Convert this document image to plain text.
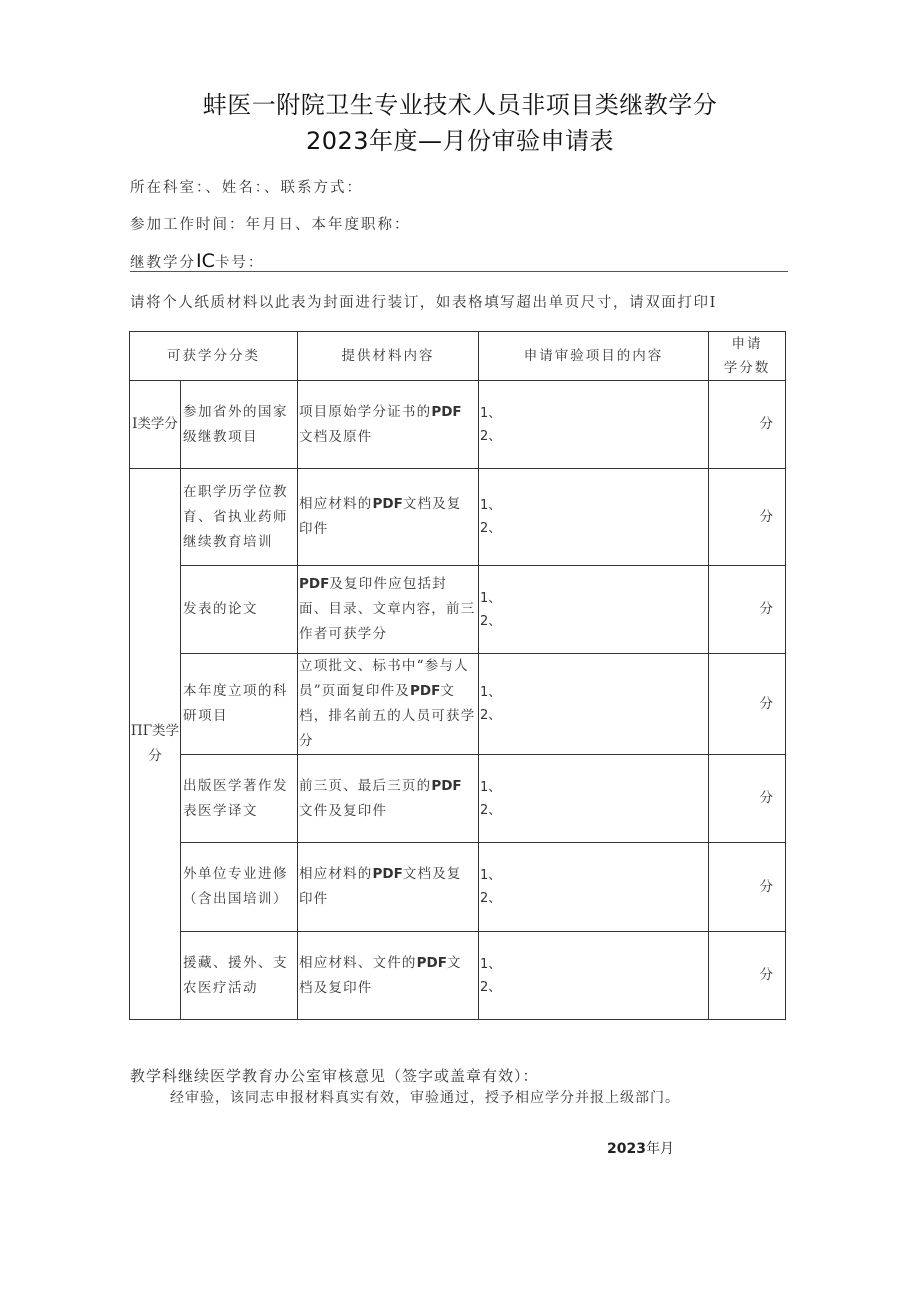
蚌医一附院卫生专业技术人员非项目类继教学分
2023年度—月份审验申请表
所在科室：、姓名：、联系方式：
参加工作时间：年月日、本年度职称：
继教学分IC卡号：
请将个人纸质材料以此表为封面进行装订，如表格填写超出单页尺寸，请双面打印Ⅰ
可获学分分类		提供材料内容	申请审验项目的内容	申请
学分数

Ⅰ类学分	参加省外的国家级继教项目	项目原始学分证书的PDF文档及原件	1、
2、	分
ΠΓ类学分	在职学历学位教育、省执业药师继续教育培训	相应材料的PDF文档及复印件	1、
2、	分
	发表的论文	PDF及复印件应包括封面、目录、文章内容，前三作者可获学分	1、
2、	分
	本年度立项的科研项目	立项批文、标书中“参与人员”页面复印件及PDF文档，排名前五的人员可获学分	1、
2、	分
	出版医学著作发表医学译文	前三页、最后三页的PDF文件及复印件	1、
2、	分
	外单位专业进修（含出国培训）	相应材料的PDF文档及复印件	1、
2、	分
	援藏、援外、支农医疗活动	相应材料、文件的PDF文档及复印件	1、
2、	分
教学科继续医学教育办公室审核意见（签字或盖章有效）：
经审验，该同志申报材料真实有效，审验通过，授予相应学分并报上级部门。
2023年月
